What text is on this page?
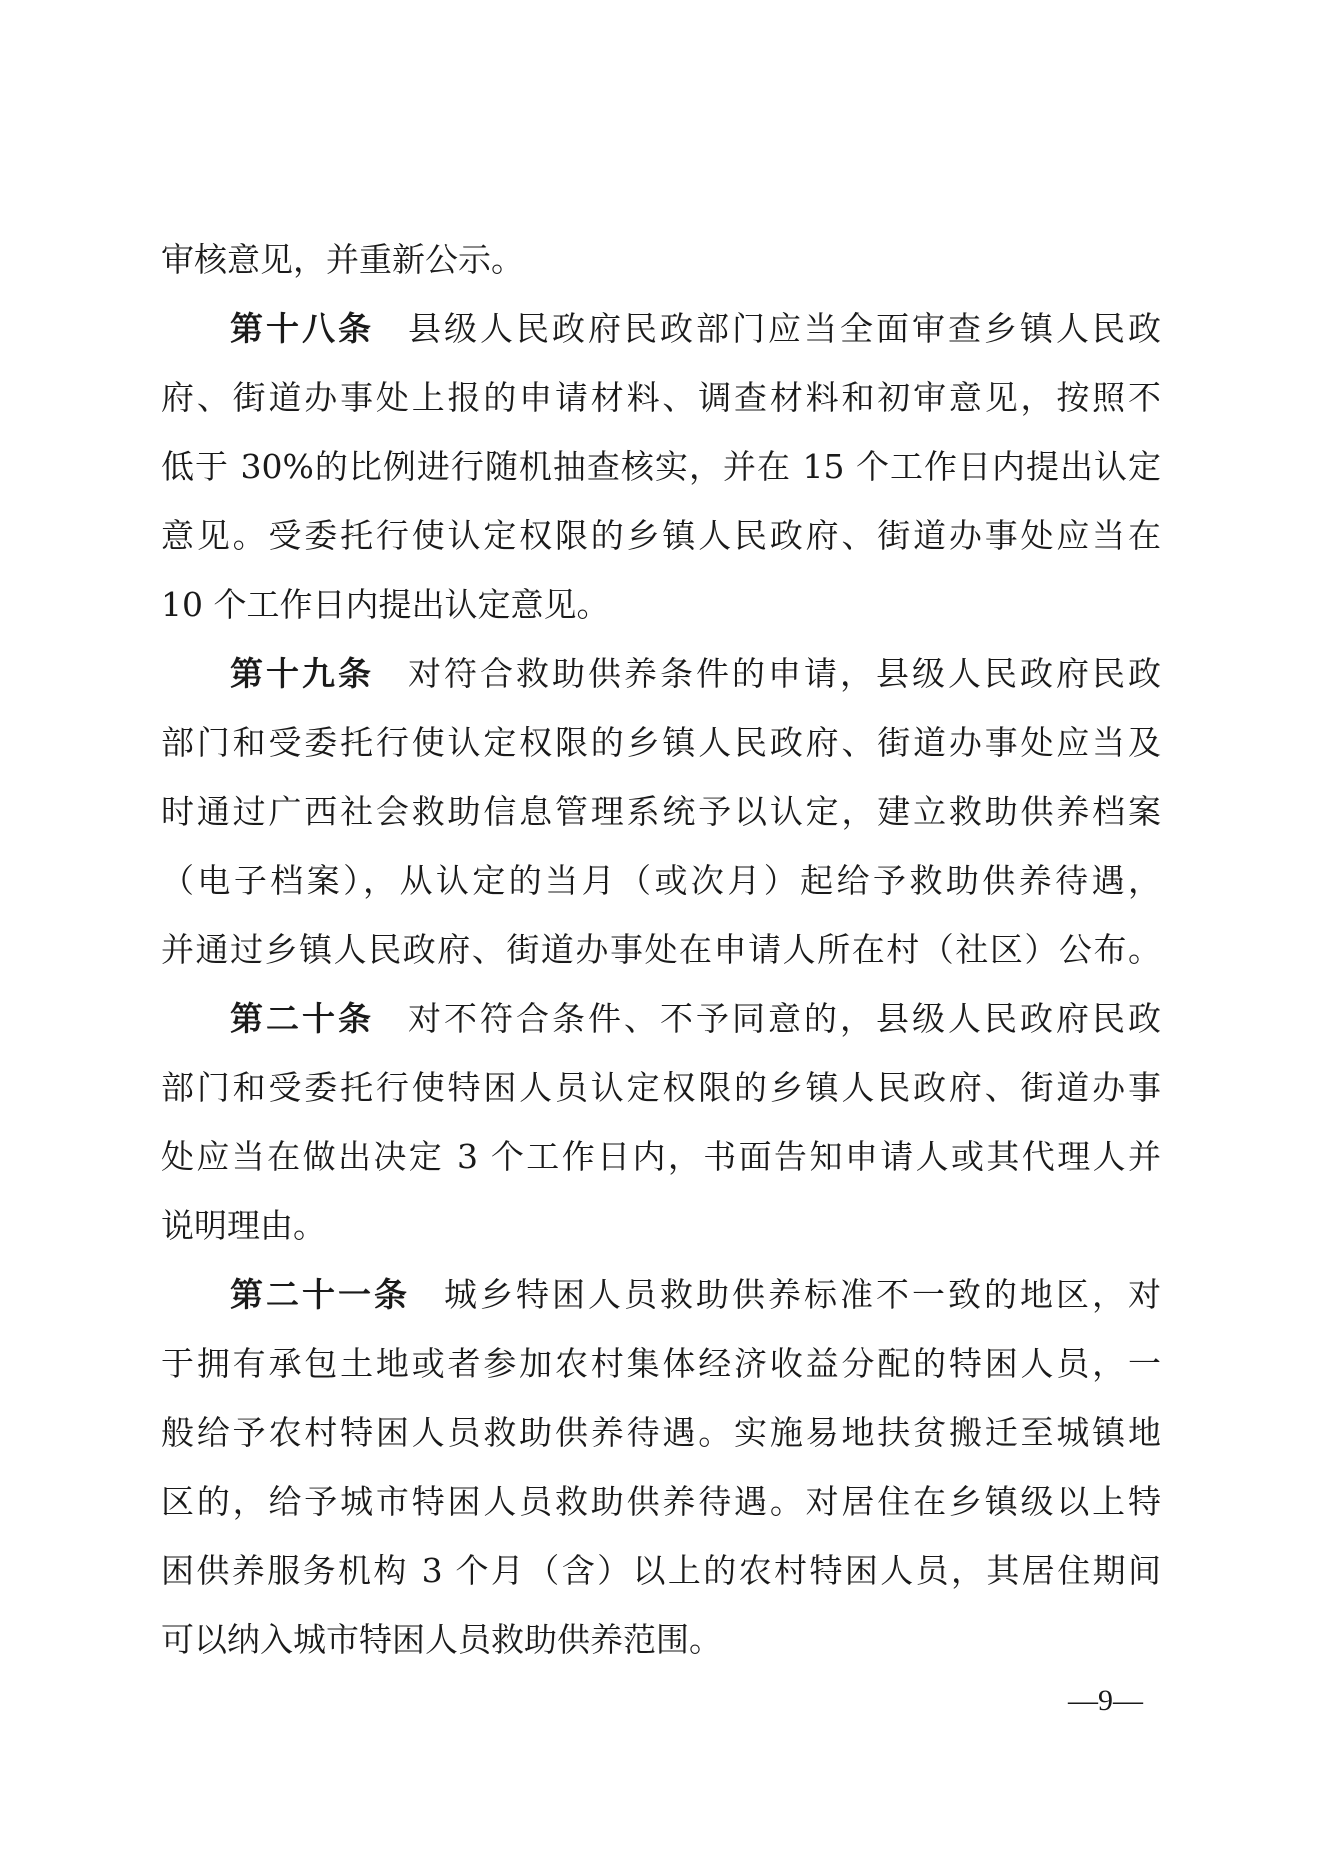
审核意见，并重新公示。
第十八条 县级人民政府民政部门应当全面审查乡镇人民政
府、街道办事处上报的申请材料、调查材料和初审意见，按照不
低于 30%的比例进行随机抽查核实，并在 15 个工作日内提出认定
意见。受委托行使认定权限的乡镇人民政府、街道办事处应当在
10 个工作日内提出认定意见。
第十九条 对符合救助供养条件的申请，县级人民政府民政
部门和受委托行使认定权限的乡镇人民政府、街道办事处应当及
时通过广西社会救助信息管理系统予以认定，建立救助供养档案
（电子档案），从认定的当月（或次月）起给予救助供养待遇，
并通过乡镇人民政府、街道办事处在申请人所在村（社区）公布。
第二十条 对不符合条件、不予同意的，县级人民政府民政
部门和受委托行使特困人员认定权限的乡镇人民政府、街道办事
处应当在做出决定 3 个工作日内，书面告知申请人或其代理人并
说明理由。
第二十一条 城乡特困人员救助供养标准不一致的地区，对
于拥有承包土地或者参加农村集体经济收益分配的特困人员，一
般给予农村特困人员救助供养待遇。实施易地扶贫搬迁至城镇地
区的，给予城市特困人员救助供养待遇。对居住在乡镇级以上特
困供养服务机构 3 个月（含）以上的农村特困人员，其居住期间
可以纳入城市特困人员救助供养范围。
—9—
